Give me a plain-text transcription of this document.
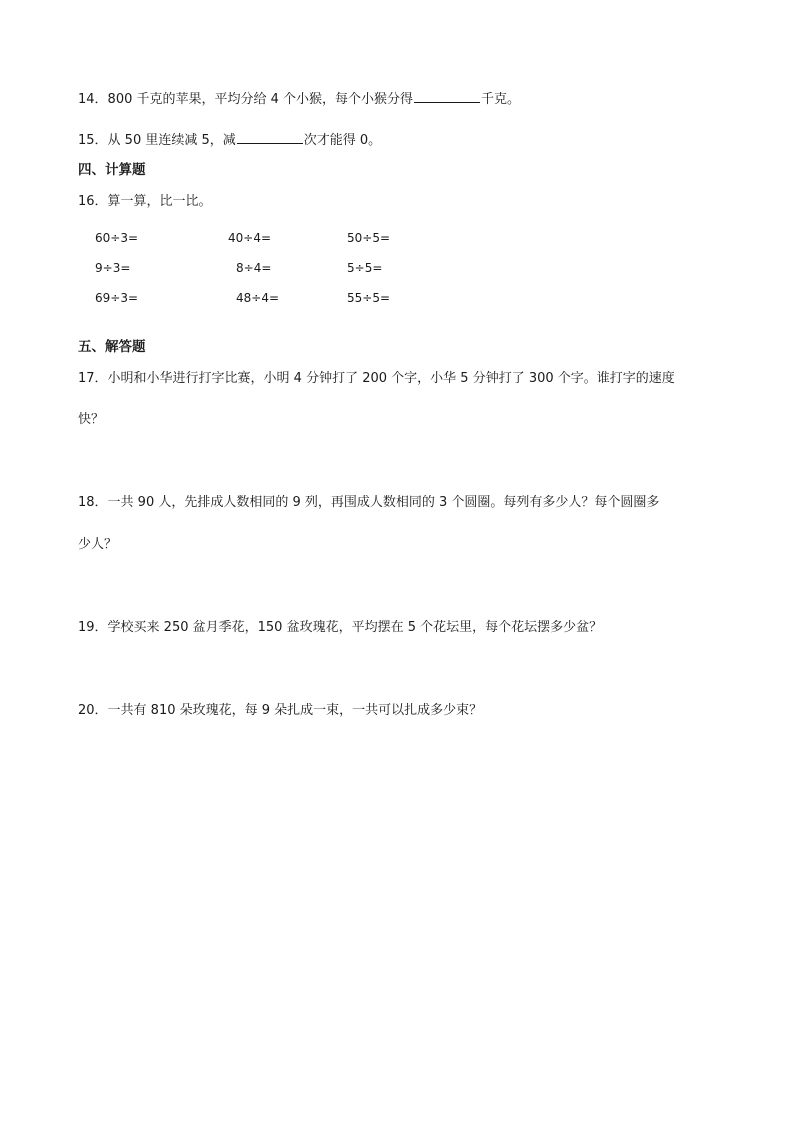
14．800 千克的苹果，平均分给 4 个小猴，每个小猴分得	千克。
15．从 50 里连续减 5，减	次才能得 0。
四、计算题
16．算一算，比一比。
60÷3=	40÷4=	50÷5=
9÷3=	8÷4=	5÷5=
69÷3=	48÷4=	55÷5=
五、解答题
17．小明和小华进行打字比赛，小明 4 分钟打了 200 个字，小华 5 分钟打了 300 个字。谁打字的速度
快？
18．一共 90 人，先排成人数相同的 9 列，再围成人数相同的 3 个圆圈。每列有多少人？每个圆圈多
少人？
19．学校买来 250 盆月季花，150 盆玫瑰花，平均摆在 5 个花坛里，每个花坛摆多少盆？
20．一共有 810 朵玫瑰花，每 9 朵扎成一束，一共可以扎成多少束？
